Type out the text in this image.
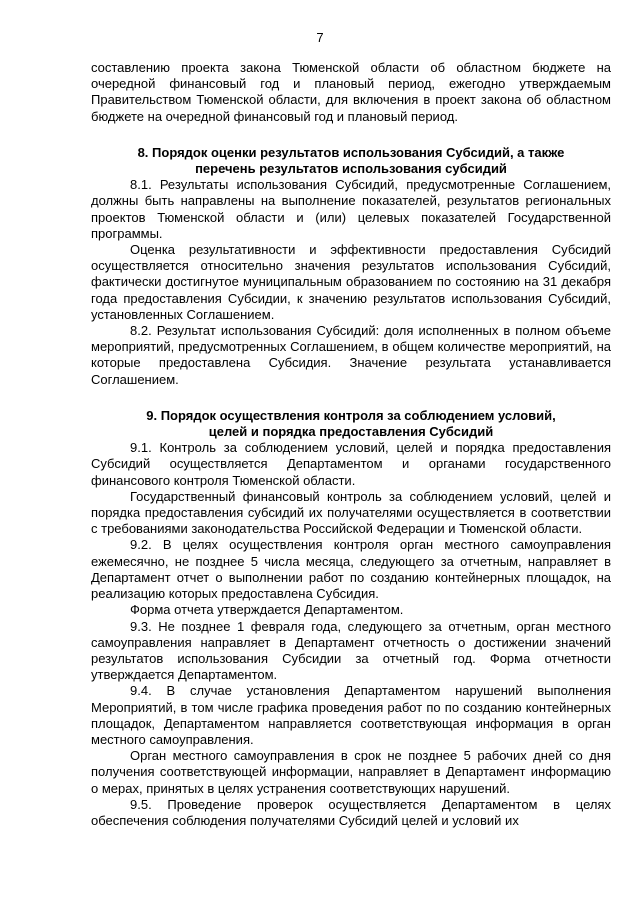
7

составлению проекта закона Тюменской области об областном бюджете на очередной финансовый год и плановый период, ежегодно утверждаемым Правительством Тюменской области, для включения в проект закона об областном бюджете на очередной финансовый год и плановый период.

8. Порядок оценки результатов использования Субсидий, а также

перечень результатов использования субсидий

8.1. Результаты использования Субсидий, предусмотренные Соглашением, должны быть направлены на выполнение показателей, результатов региональных проектов Тюменской области и (или) целевых показателей Государственной программы.

Оценка результативности и эффективности предоставления Субсидий осуществляется относительно значения результатов использования Субсидий, фактически достигнутое муниципальным образованием по состоянию на 31 декабря года предоставления Субсидии, к значению результатов использования Субсидий, установленных Соглашением.

8.2. Результат использования Субсидий: доля исполненных в полном объеме мероприятий, предусмотренных Соглашением, в общем количестве мероприятий, на которые предоставлена Субсидия. Значение результата устанавливается Соглашением.

9. Порядок осуществления контроля за соблюдением условий,

целей и порядка предоставления Субсидий

9.1. Контроль за соблюдением условий, целей и порядка предоставления Субсидий осуществляется Департаментом и органами государственного финансового контроля Тюменской области.

Государственный финансовый контроль за соблюдением условий, целей и порядка предоставления субсидий их получателями осуществляется в соответствии с требованиями законодательства Российской Федерации и Тюменской области.

9.2. В целях осуществления контроля орган местного самоуправления ежемесячно, не позднее 5 числа месяца, следующего за отчетным, направляет в Департамент отчет о выполнении работ по созданию контейнерных площадок, на реализацию которых предоставлена Субсидия.

Форма отчета утверждается Департаментом.

9.3. Не позднее 1 февраля года, следующего за отчетным, орган местного самоуправления направляет в Департамент отчетность о достижении значений результатов использования Субсидии за отчетный год. Форма отчетности утверждается Департаментом.

9.4. В случае установления Департаментом нарушений выполнения Мероприятий, в том числе графика проведения работ по по созданию контейнерных площадок, Департаментом направляется соответствующая информация в орган местного самоуправления.

Орган местного самоуправления в срок не позднее 5 рабочих дней со дня получения соответствующей информации, направляет в Департамент информацию о мерах, принятых в целях устранения соответствующих нарушений.

9.5. Проведение проверок осуществляется Департаментом в целях обеспечения соблюдения получателями Субсидий целей и условий их
